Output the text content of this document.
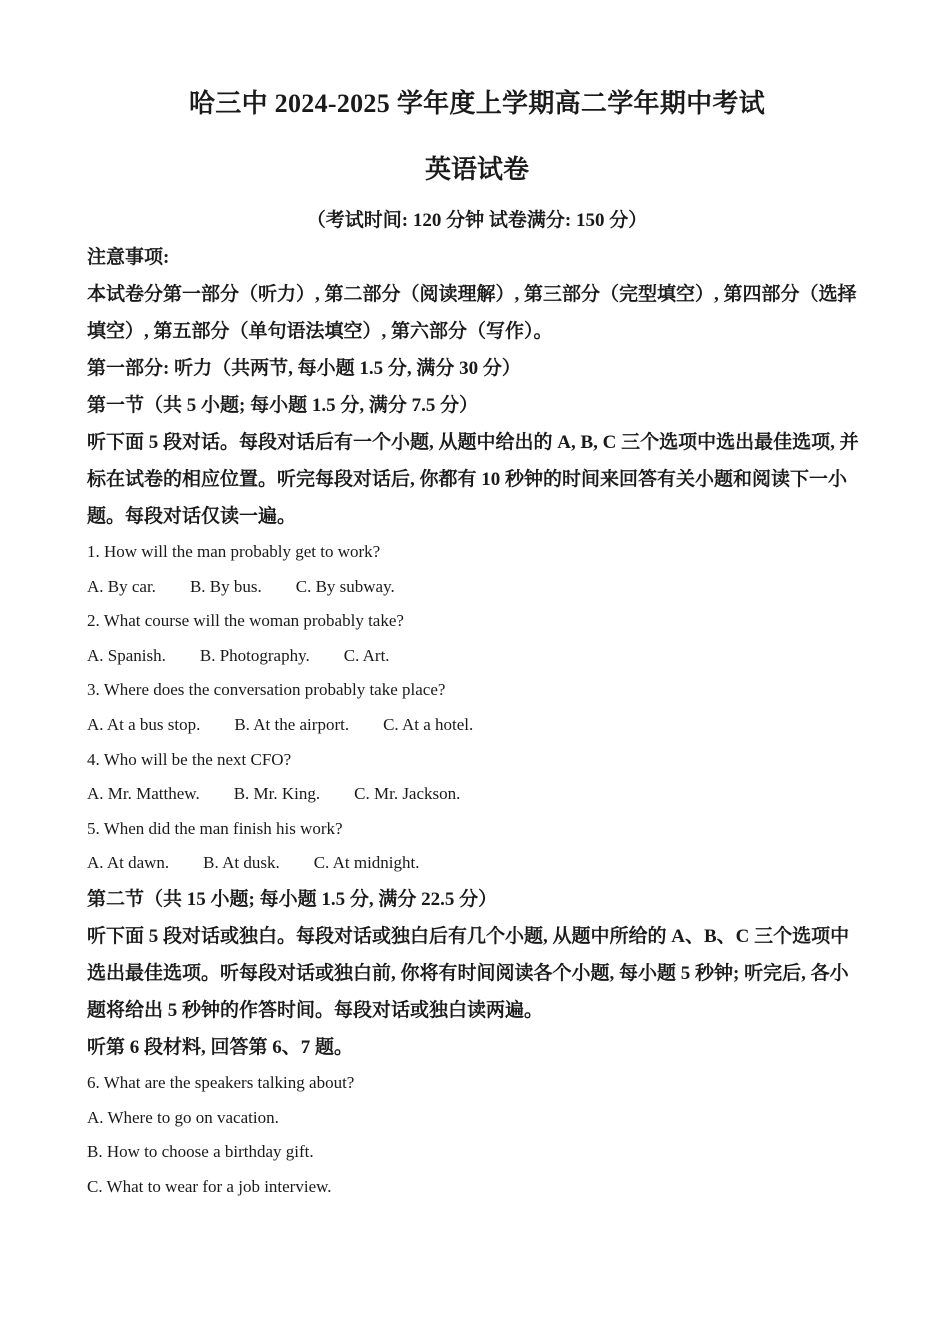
哈三中 2024-2025 学年度上学期高二学年期中考试
英语试卷

（考试时间: 120 分钟 试卷满分: 150 分）

注意事项:

本试卷分第一部分（听力）, 第二部分（阅读理解）, 第三部分（完型填空）, 第四部分（选择填空）, 第五部分（单句语法填空）, 第六部分（写作）。

第一部分: 听力（共两节, 每小题 1.5 分, 满分 30 分）

第一节（共 5 小题; 每小题 1.5 分, 满分 7.5 分）

听下面 5 段对话。每段对话后有一个小题, 从题中给出的 A, B, C 三个选项中选出最佳选项, 并标在试卷的相应位置。听完每段对话后, 你都有 10 秒钟的时间来回答有关小题和阅读下一小题。每段对话仅读一遍。

1. How will the man probably get to work?

A. By car. B. By bus. C. By subway.

2. What course will the woman probably take?

A. Spanish. B. Photography. C. Art.

3. Where does the conversation probably take place?

A. At a bus stop. B. At the airport. C. At a hotel.

4. Who will be the next CFO?

A. Mr. Matthew. B. Mr. King. C. Mr. Jackson.

5. When did the man finish his work?

A. At dawn. B. At dusk. C. At midnight.

第二节（共 15 小题; 每小题 1.5 分, 满分 22.5 分）

听下面 5 段对话或独白。每段对话或独白后有几个小题, 从题中所给的 A、B、C 三个选项中选出最佳选项。听每段对话或独白前, 你将有时间阅读各个小题, 每小题 5 秒钟; 听完后, 各小题将给出 5 秒钟的作答时间。每段对话或独白读两遍。

听第 6 段材料, 回答第 6、7 题。

6. What are the speakers talking about?

A. Where to go on vacation.

B. How to choose a birthday gift.

C. What to wear for a job interview.
